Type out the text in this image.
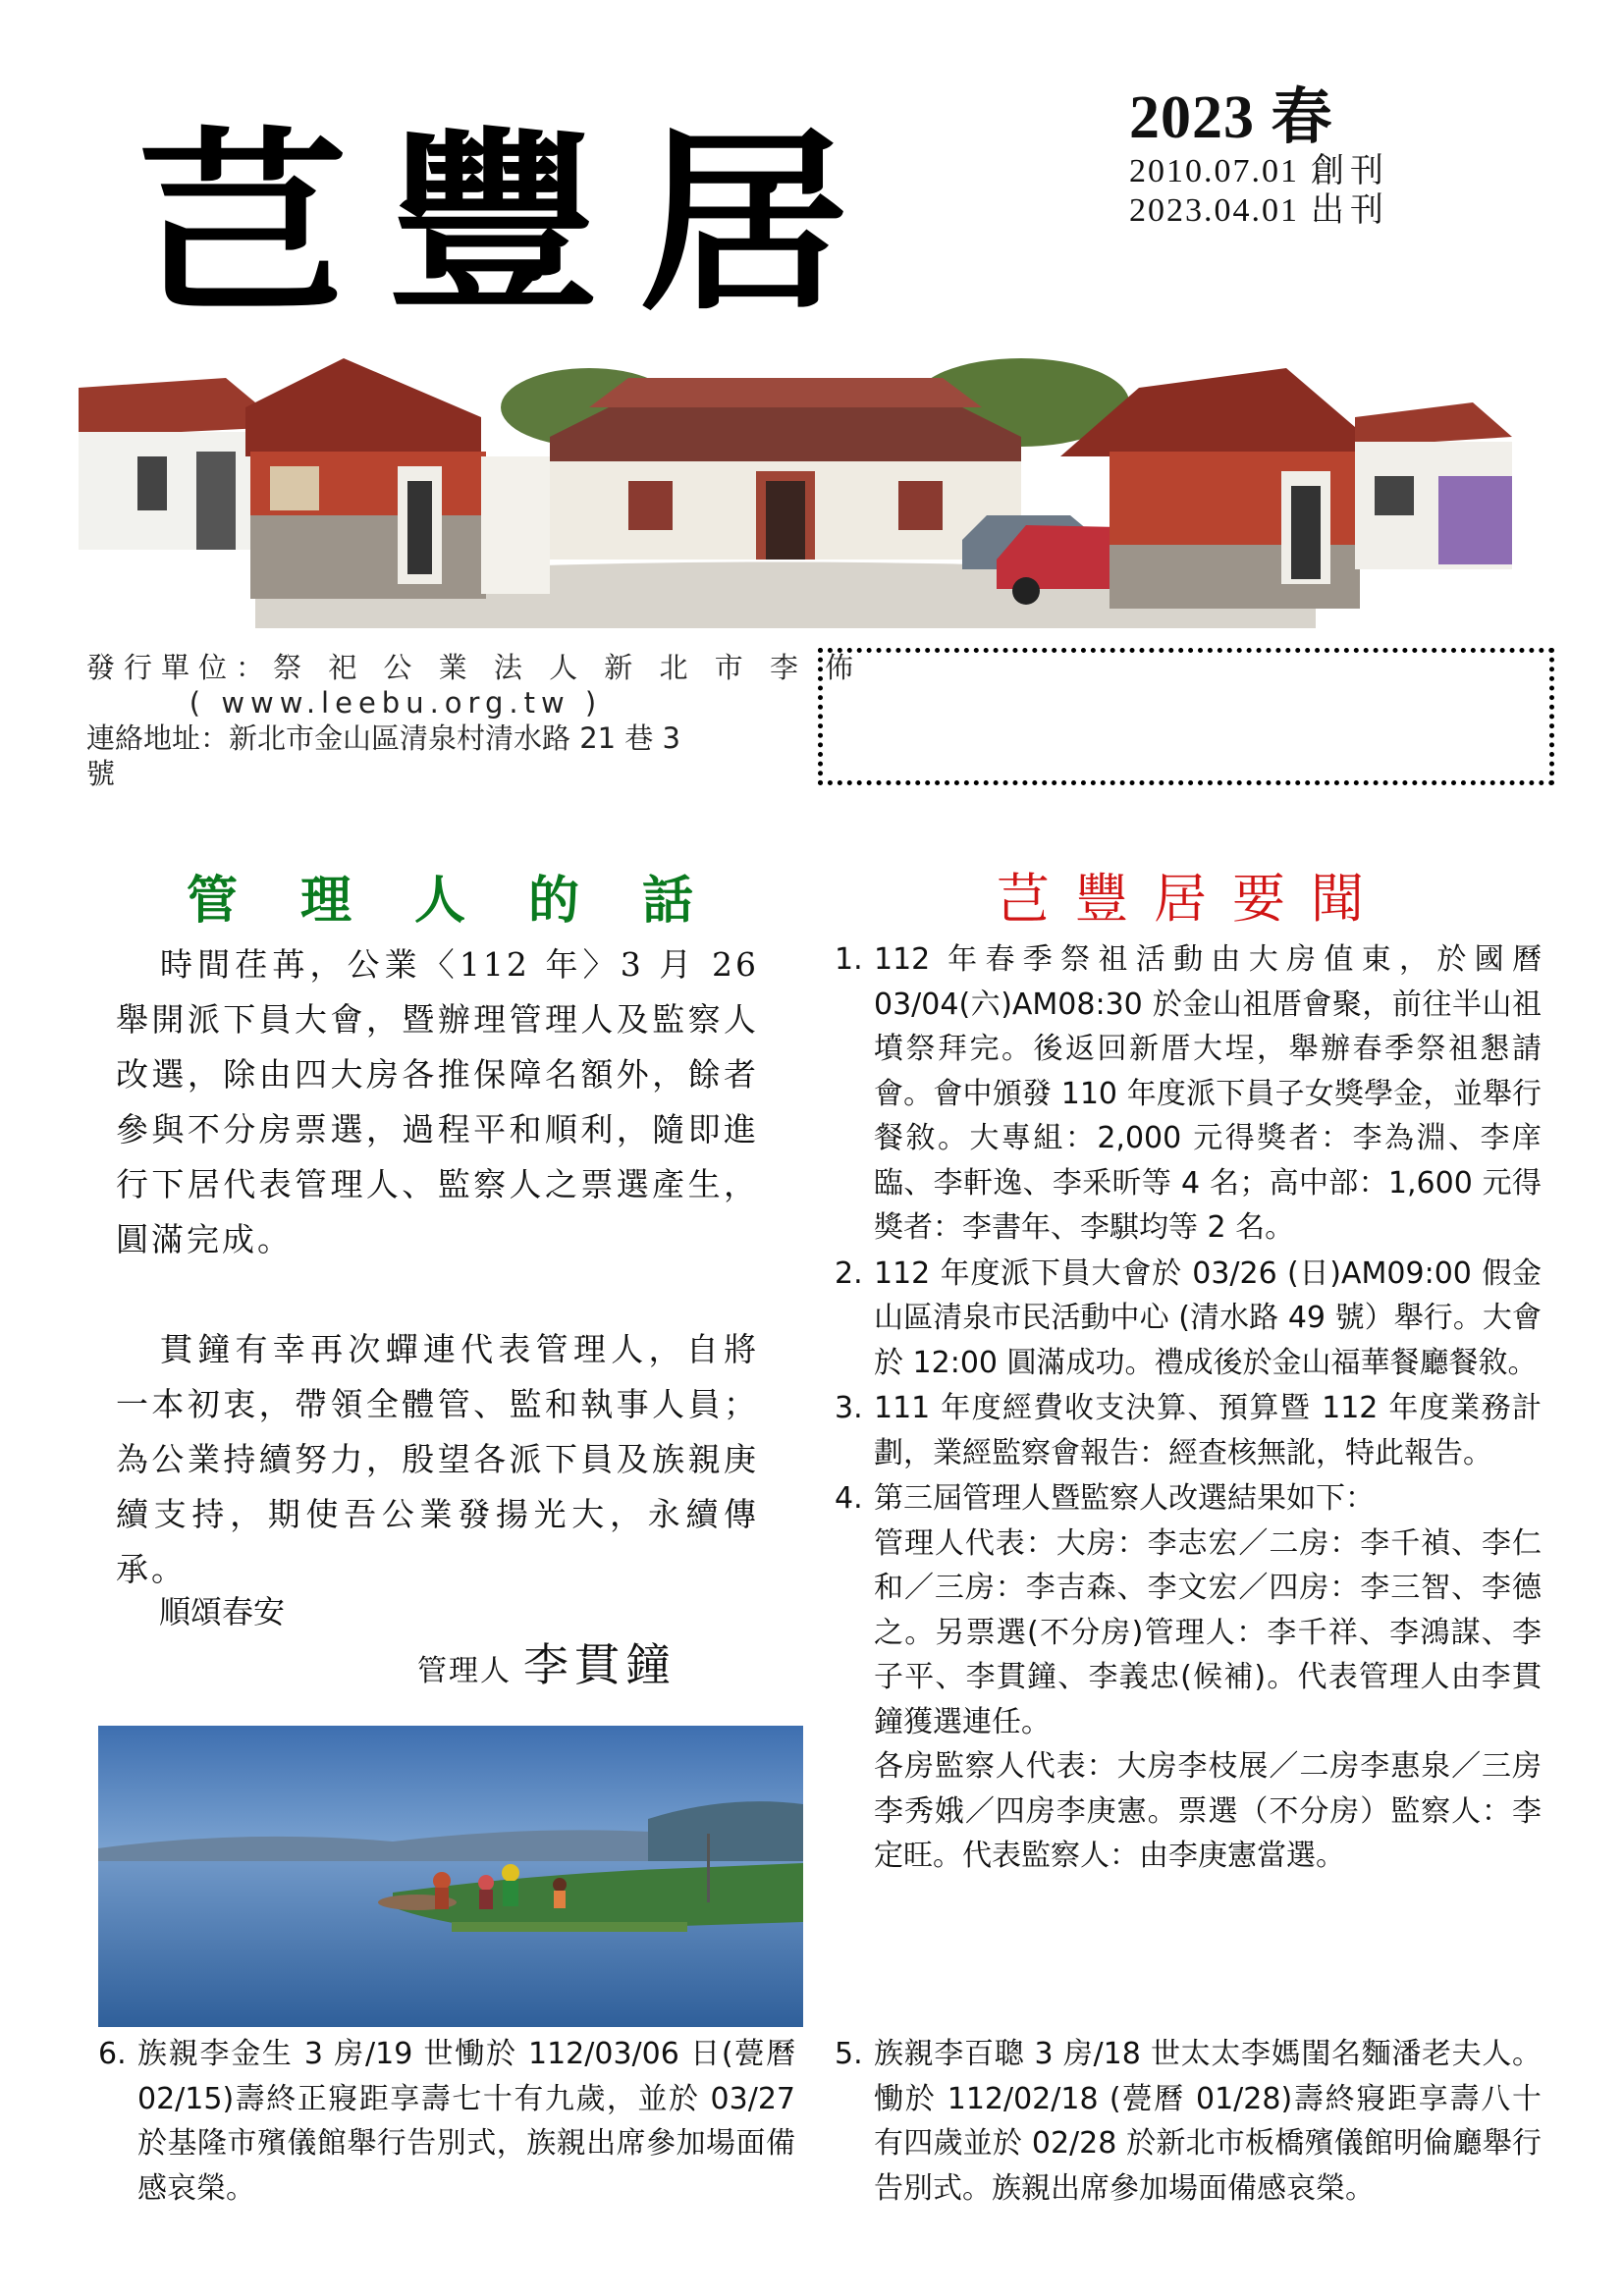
芑豐居	2023 春
2010.07.01 創刊
2023.04.01 出刊
發行單位：祭 祀 公 業 法 人 新 北 市 李 佈
( www.leebu.org.tw )
連絡地址：新北市金山區清泉村清水路 21 巷 3
號
管理人的話	芑豐居要聞

時間荏苒，公業〈112 年〉3 月 26 舉開派下員大會，暨辦理管理人及監察人改選，除由四大房各推保障名額外，餘者參與不分房票選，過程平和順利，隨即進行下居代表管理人、監察人之票選產生，圓滿完成。

貫鐘有幸再次蟬連代表管理人，自將一本初衷，帶領全體管、監和執事人員；為公業持續努力，殷望各派下員及族親庚續支持，期使吾公業發揚光大，永續傳承。

順頌春安
管理人 李貫鐘
1. 112 年春季祭祖活動由大房值東，於國曆 03/04(六)AM08:30 於金山祖厝會聚，前往半山祖墳祭拜完。後返回新厝大埕，舉辦春季祭祖懇請會。會中頒發 110 年度派下員子女獎學金，並舉行餐敘。大專組：2,000 元得獎者：李為淵、李庠臨、李軒逸、李釆昕等 4 名；高中部：1,600 元得獎者：李書年、李騏均等 2 名。
2. 112 年度派下員大會於 03/26 (日)AM09:00 假金山區清泉市民活動中心 (清水路 49 號）舉行。大會於 12:00 圓滿成功。禮成後於金山福華餐廳餐敘。
3. 111 年度經費收支決算、預算暨 112 年度業務計劃，業經監察會報告：經查核無訛，特此報告。
4. 第三屆管理人暨監察人改選結果如下：
管理人代表：大房：李志宏／二房：李千禎、李仁和／三房：李吉森、李文宏／四房：李三智、李德之。另票選(不分房)管理人：李千祥、李鴻謀、李子平、李貫鐘、李義忠(候補)。代表管理人由李貫鐘獲選連任。
各房監察人代表：大房李枝展／二房李惠泉／三房李秀娥／四房李庚憲。票選（不分房）監察人：李定旺。代表監察人：由李庚憲當選。
5. 族親李百聰 3 房/18 世太太李媽閨名麵潘老夫人。慟於 112/02/18 (甍曆 01/28)壽終寢距享壽八十有四歲並於 02/28 於新北市板橋殯儀館明倫廳舉行告別式。族親出席參加場面備感哀榮。
6. 族親李金生 3 房/19 世慟於 112/03/06 日(甍曆 02/15)壽終正寢距享壽七十有九歲，並於 03/27 於基隆市殯儀館舉行告別式，族親出席參加場面備感哀榮。
